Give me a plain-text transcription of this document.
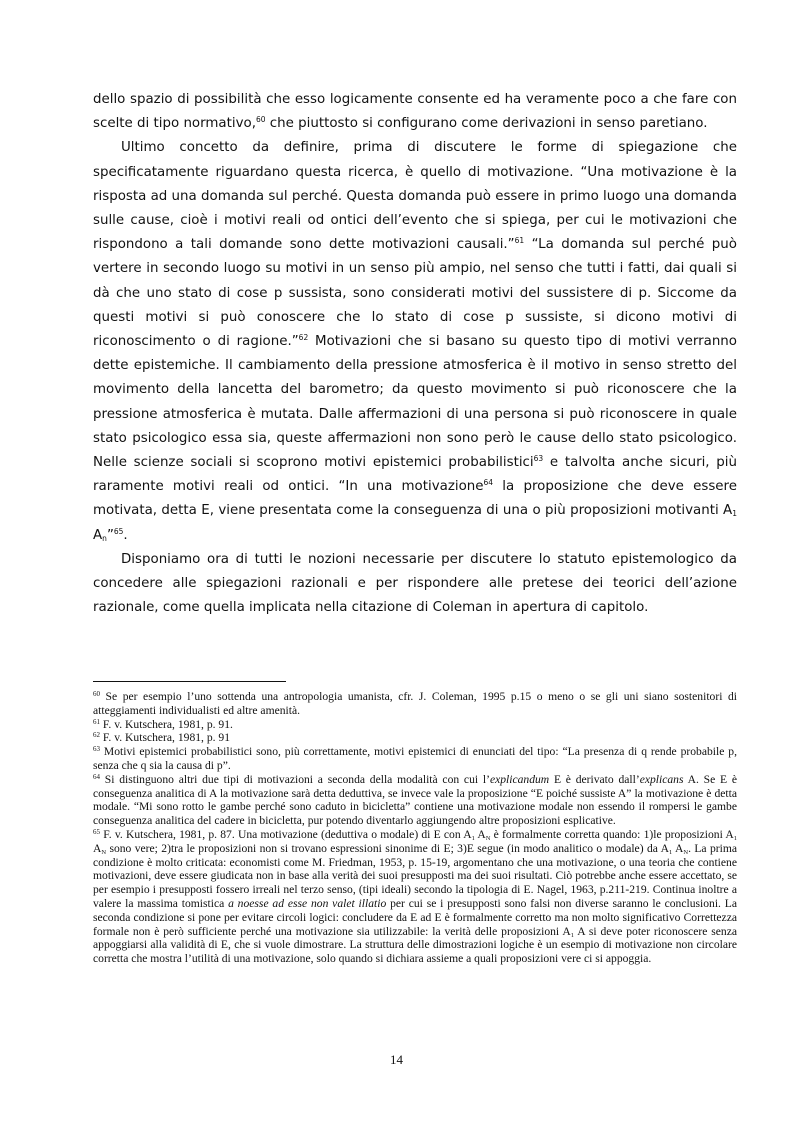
dello spazio di possibilità che esso logicamente consente ed ha veramente poco a che fare con scelte di tipo normativo,$^{60}$ che piuttosto si configurano come derivazioni in senso paretiano.

Ultimo concetto da definire, prima di discutere le forme di spiegazione che specificatamente riguardano questa ricerca, è quello di motivazione. “Una motivazione è la risposta ad una domanda sul perché. Questa domanda può essere in primo luogo una domanda sulle cause, cioè i motivi reali od ontici dell’evento che si spiega, per cui le motivazioni che rispondono a tali domande sono dette motivazioni causali.”$^{61}$ “La domanda sul perché può vertere in secondo luogo su motivi in un senso più ampio, nel senso che tutti i fatti, dai quali si dà che uno stato di cose p sussista, sono considerati motivi del sussistere di p. Siccome da questi motivi si può conoscere che lo stato di cose p sussiste, si dicono motivi di riconoscimento o di ragione.”$^{62}$ Motivazioni che si basano su questo tipo di motivi verranno dette epistemiche. Il cambiamento della pressione atmosferica è il motivo in senso stretto del movimento della lancetta del barometro; da questo movimento si può riconoscere che la pressione atmosferica è mutata. Dalle affermazioni di una persona si può riconoscere in quale stato psicologico essa sia, queste affermazioni non sono però le cause dello stato psicologico. Nelle scienze sociali si scoprono motivi epistemici probabilistici$^{63}$ e talvolta anche sicuri, più raramente motivi reali od ontici. “In una motivazione$^{64}$ la proposizione che deve essere motivata, detta E, viene presentata come la conseguenza di una o più proposizioni motivanti $A_1$ $A_n”^{65}$.

Disponiamo ora di tutti le nozioni necessarie per discutere lo statuto epistemologico da concedere alle spiegazioni razionali e per rispondere alle pretese dei teorici dell’azione razionale, come quella implicata nella citazione di Coleman in apertura di capitolo.

$^{60}$ Se per esempio l’uno sottenda una antropologia umanista, cfr. J. Coleman, 1995 p.15 o meno o se gli uni siano sostenitori di atteggiamenti individualisti ed altre amenità.

$^{61}$ F. v. Kutschera, 1981, p. 91.

$^{62}$ F. v. Kutschera, 1981, p. 91

$^{63}$ Motivi epistemici probabilistici sono, più correttamente, motivi epistemici di enunciati del tipo: “La presenza di q rende probabile p, senza che q sia la causa di p”.

$^{64}$ Si distinguono altri due tipi di motivazioni a seconda della modalità con cui l’explicandum E è derivato dall’explicans A. Se E è conseguenza analitica di A la motivazione sarà detta deduttiva, se invece vale la proposizione “E poiché sussiste A” la motivazione è detta modale. “Mi sono rotto le gambe perché sono caduto in bicicletta” contiene una motivazione modale non essendo il rompersi le gambe conseguenza analitica del cadere in bicicletta, pur potendo diventarlo aggiungendo altre proposizioni esplicative.

$^{65}$ F. v. Kutschera, 1981, p. 87. Una motivazione (deduttiva o modale) di E con $A_1$ $A_N$ è formalmente corretta quando: 1)le proposizioni $A_1$ $A_N$ sono vere; 2)tra le proposizioni non si trovano espressioni sinonime di E; 3)E segue (in modo analitico o modale) da $A_1$ $A_N$. La prima condizione è molto criticata: economisti come M. Friedman, 1953, p. 15-19, argomentano che una motivazione, o una teoria che contiene motivazioni, deve essere giudicata non in base alla verità dei suoi presupposti ma dei suoi risultati. Ciò potrebbe anche essere accettato, se per esempio i presupposti fossero irreali nel terzo senso, (tipi ideali) secondo la tipologia di E. Nagel, 1963, p.211-219. Continua inoltre a valere la massima tomistica a noesse ad esse non valet illatio per cui se i presupposti sono falsi non diverse saranno le conclusioni. La seconda condizione si pone per evitare circoli logici: concludere da E ad E è formalmente corretto ma non molto significativo Correttezza formale non è però sufficiente perché una motivazione sia utilizzabile: la verità delle proposizioni $A_1$ A si deve poter riconoscere senza appoggiarsi alla validità di E, che si vuole dimostrare. La struttura delle dimostrazioni logiche è un esempio di motivazione non circolare corretta che mostra l’utilità di una motivazione, solo quando si dichiara assieme a quali proposizioni vere ci si appoggia.

14
